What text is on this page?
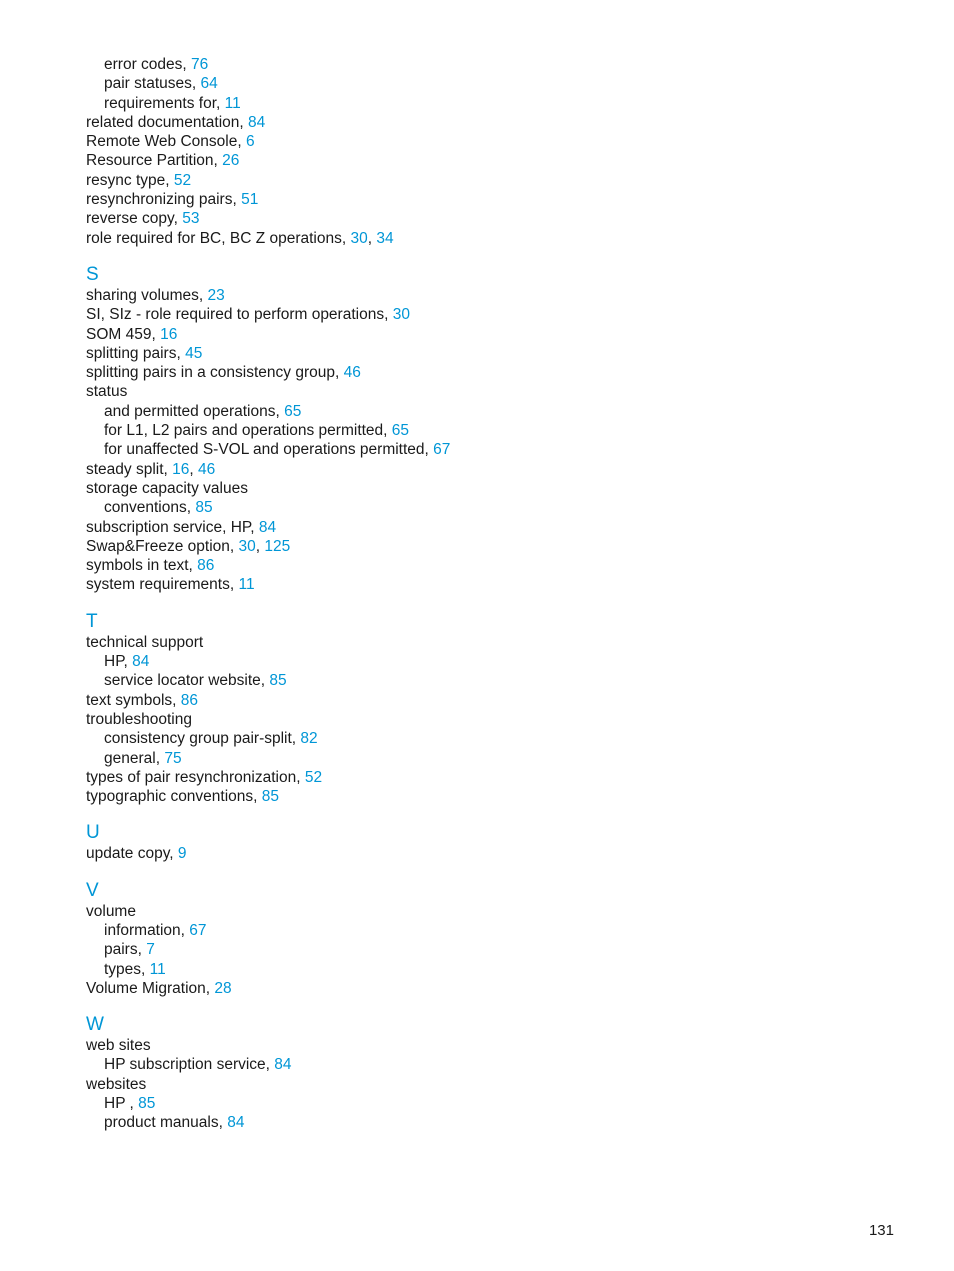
error codes, 76
pair statuses, 64
requirements for, 11
related documentation, 84
Remote Web Console, 6
Resource Partition, 26
resync type, 52
resynchronizing pairs, 51
reverse copy, 53
role required for BC, BC Z operations, 30, 34
S
sharing volumes, 23
SI, SIz - role required to perform operations, 30
SOM 459, 16
splitting pairs, 45
splitting pairs in a consistency group, 46
status
and permitted operations, 65
for L1, L2 pairs and operations permitted, 65
for unaffected S-VOL and operations permitted, 67
steady split, 16, 46
storage capacity values
conventions, 85
subscription service, HP, 84
Swap&Freeze option, 30, 125
symbols in text, 86
system requirements, 11
T
technical support
HP, 84
service locator website, 85
text symbols, 86
troubleshooting
consistency group pair-split, 82
general, 75
types of pair resynchronization, 52
typographic conventions, 85
U
update copy, 9
V
volume
information, 67
pairs, 7
types, 11
Volume Migration, 28
W
web sites
HP subscription service, 84
websites
HP , 85
product manuals, 84
131
